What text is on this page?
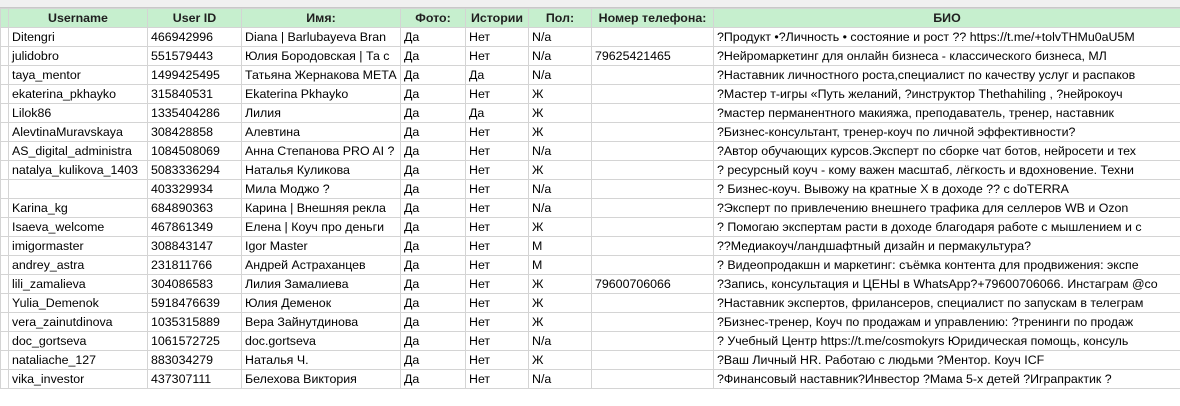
	Username	User ID	Имя:	Фото:	Истории	Пол:	Номер телефона:	БИО
	Ditengri	466942996	Diana | Barlubayeva Bran	Да	Нет	N/a		?Продукт •?Личность • состояние и рост ?? https://t.me/+tolvTHMu0aU5M
	julidobro	551579443	Юлия Бородовская | Та с	Да	Нет	N/a	79625421465	?Нейромаркетинг для онлайн бизнеса - классического бизнеса, МЛ
	taya_mentor	1499425495	Татьяна Жернакова МЕТА	Да	Да	N/a		?Наставник личностного роста,специалист по качеству услуг и распаков
	ekaterina_pkhayko	315840531	Ekaterina Pkhayko	Да	Нет	Ж		?Мастер т-игры «Путь желаний, ?инструктор Thethahiling , ?нейрокоуч
	Lilok86	1335404286	Лилия	Да	Да	Ж		?мастер перманентного макияжа, преподаватель, тренер, наставник
	AlevtinaMuravskaya	308428858	Алевтина	Да	Нет	Ж		?Бизнес-консультант, тренер-коуч по личной эффективности?
	AS_digital_administra	1084508069	Анна Степанова PRO AI ?	Да	Нет	N/a		?Автор обучающих курсов.Эксперт по сборке чат ботов, нейросети и тех
	natalya_kulikova_1403	5083336294	Наталья Куликова	Да	Нет	Ж		? ресурсный коуч - кому важен масштаб, лёгкость и вдохновение. Техни
		403329934	Мила Моджо ?	Да	Нет	N/a		? Бизнес-коуч. Вывожу на кратные Х в доходе ?? с doTERRA
	Karina_kg	684890363	Карина | Внешняя рекла	Да	Нет	N/a		?Эксперт по привлечению внешнего трафика для селлеров WB и Ozon
	Isaeva_welcome	467861349	Елена | Коуч про деньги	Да	Нет	Ж		? Помогаю экспертам расти в доходе благодаря работе с мышлением и с
	imigormaster	308843147	Igor Master	Да	Нет	М		??Медиакоуч/ландшафтный дизайн и пермакультура?
	andrey_astra	231811766	Андрей Астраханцев	Да	Нет	М		? Видеопродакшн и маркетинг: съёмка контента для продвижения: экспе
	lili_zamalieva	304086583	Лилия Замалиева	Да	Нет	Ж	79600706066	?Запись, консультация и ЦЕНЫ в WhatsApp?+79600706066. Инстаграм @co
	Yulia_Demenok	5918476639	Юлия Деменок	Да	Нет	Ж		?Наставник экспертов, фрилансеров, специалист по запускам в телеграм
	vera_zainutdinova	1035315889	Вера Зайнутдинова	Да	Нет	Ж		?Бизнес-тренер, Коуч по продажам и управлению: ?тренинги по продаж
	doc_gortseva	1061572725	doc.gortseva	Да	Нет	N/a		? Учебный Центр https://t.me/cosmokyrs Юридическая помощь, консуль
	nataliache_127	883034279	Наталья Ч.	Да	Нет	Ж		?Ваш Личный HR. Работаю с людьми ?Ментор. Коуч ICF
	vika_investor	437307111	Белехова Виктория	Да	Нет	N/a		?Финансовый наставник?Инвестор ?Мама 5-х детей ?Играпрактик ?
